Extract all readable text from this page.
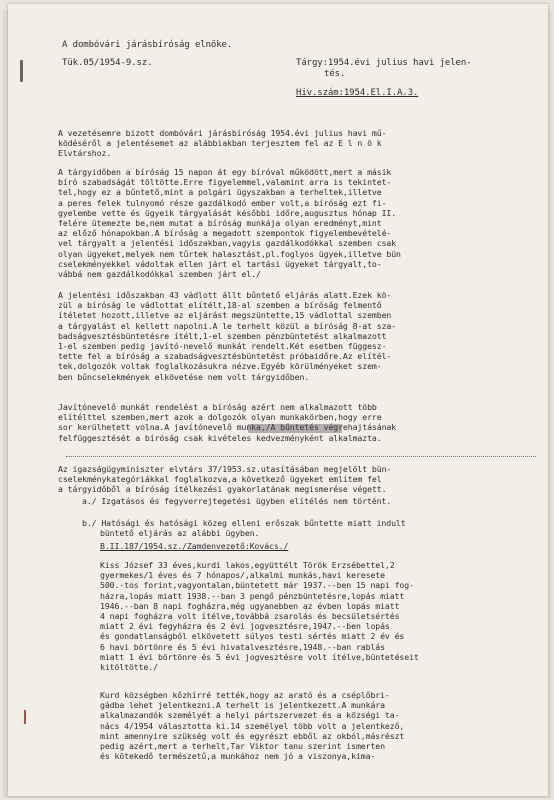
A dombóvári járásbíróság elnöke.
Tük.05/1954-9.sz.	Tárgy:1954.évi julius havi jelen-
tés.
Hiv.szám:1954.El.I.A.3.
A vezetésemre bizott dombóvári járásbíróság 1954.évi julius havi mű-
ködéséről a jelentésemet az alábbiakban terjesztem fel az E l n ö k
Elvtárshoz.
A tárgyidőben a bíróság 15 napon át egy bíróval működött,mert a másik
bíró szabadságát töltötte.Erre figyelemmel,valamint arra is tekintet-
tel,hogy ez a bűntető,mint a polgári ügyszakban a terheltek,illetve
a peres felek tulnyomó része gazdálkodó ember volt,a bíróság ezt fi-
gyelembe vette és ügyeik tárgyalását későbbi időre,augusztus hónap II.
felére ütemezte be,nem mutat a bíróság munkája olyan eredményt,mint
az előző hónapokban.A bíróság a megadott szempontok figyelembevételé-
vel tárgyalt a jelentési időszakban,vagyis gazdálkodókkal szemben csak
olyan ügyeket,melyek nem tűrtek halasztást,pl.foglyos ügyek,illetve bün
cselekményekkel vádoltak ellen járt el tartási ügyeket tárgyalt,to-
vábbá nem gazdálkodókkal szemben járt el./
A jelentési időszakban 43 vádlott állt bűntető eljárás alatt.Ezek kö-
zül a bíróság le vádlottat elítélt,18-al szemben a bíróság felmentő
ítéletet hozott,illetve az eljárást megszüntette,15 vádlottal szemben
a tárgyalást el kellett napolni.A le terhelt közül a bíróság 8-at sza-
badságvesztésbüntetésre ítélt,1-el szemben pénzbüntetést alkalmazott
1-el szemben pedig javító-nevelő munkát rendelt.Két esetben függesz-
tette fel a bíróság a szabadságvesztésbüntetést próbaidőre.Az elítél-
tek,dolgozók voltak foglalkozásukra nézve.Egyéb körülményeket szem-
ben bűncselekmények elkövetése nem volt tárgyidőben.
Javítónevelő munkát rendelést a bíróság azért nem alkalmazott több
elítélttel szemben,mert azok a dolgozók olyan munkakörben,hogy erre
sor kerülhetett volna.A javítónevelő munka,/A bűntetés végrehajtásának
felfüggesztését a bíróság csak kivételes kedvezményként alkalmazta.
Az igazságügyminiszter elvtárs 37/1953.sz.utasításában megjelölt bün-
cselekménykategóriákkal foglalkozva,a következő ügyeket említem fel
a tárgyidőből a bíróság ítélkezési gyakorlatának megismerése végett.
a./ Izgatásos és fegyverrejtegetési ügyben elítélés nem történt.
b./ Hatósági és hatósági közeg elleni erőszak bűntette miatt indult
büntető eljárás az alábbi ügyben.
B.II.187/1954.sz./Zamdenvezető:Kovács./
Kiss József 33 éves,kurdi lakos,együttélt Török Erzsébettel,2
gyermekes/1 éves és 7 hónapos/,alkalmi munkás,havi keresete
500.-tos forint,vagyontalan,büntetett már 1937.--ben 15 napi fog-
házra,lopás miatt 1938.--ban 3 pengő pénzbüntetésre,lopás miatt
1946.--ban 8 napi fogházra,még ugyanebben az évben lopás miatt
4 napi fogházra volt ítélve,továbbá zsarolás és becsületsértés
miatt 2 évi fegyházra és 2 évi jogvesztésre,1947.--ben lopás
és gondatlanságból elkövetett súlyos testi sértés miatt 2 év és
6 havi börtönre és 5 évi hivatalvesztésre,1948.--ban rablás
miatt 1 évi börtönre és 5 évi jogvesztésre volt ítélve,büntetéseit
kitöltötte./
Kurd községben kőzhírré tették,hogy az arató és a cséplőbri-
gádba lehet jelentkezni.A terhelt is jelentkezett.A munkára
alkalmazandók személyét a helyi pártszervezet és a községi ta-
nács 4/1954 választotta ki.14 személyel több volt a jelentkező,
mint amennyire szükség volt és egyrészt ebből az okból,másrészt
pedig azért,mert a terhelt,Tar Viktor tanu szerint ismerten
és kötekedő természetű,a munkához nem jó a viszonya,kima-
